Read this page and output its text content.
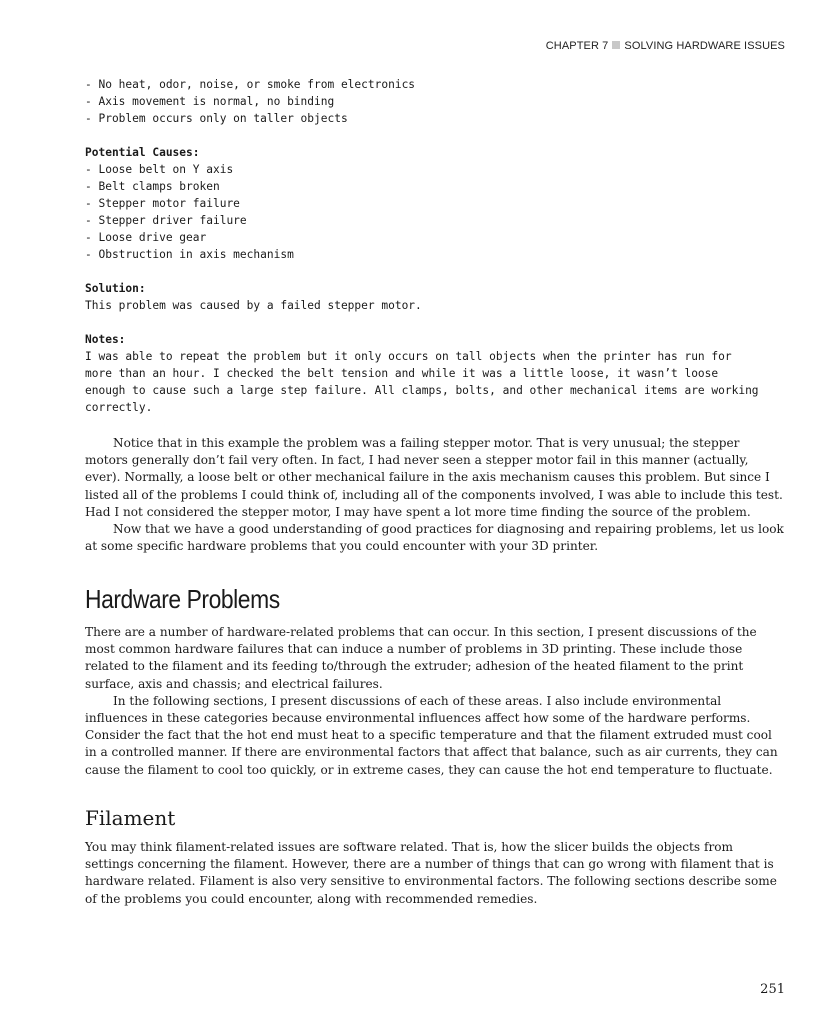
CHAPTER 7 SOLVING HARDWARE ISSUES
- No heat, odor, noise, or smoke from electronics
- Axis movement is normal, no binding
- Problem occurs only on taller objects
Potential Causes:
- Loose belt on Y axis
- Belt clamps broken
- Stepper motor failure
- Stepper driver failure
- Loose drive gear
- Obstruction in axis mechanism
Solution:
This problem was caused by a failed stepper motor.
Notes:
I was able to repeat the problem but it only occurs on tall objects when the printer has run for
more than an hour. I checked the belt tension and while it was a little loose, it wasn’t loose
enough to cause such a large step failure. All clamps, bolts, and other mechanical items are working
correctly.

Notice that in this example the problem was a failing stepper motor. That is very unusual; the stepper motors generally don’t fail very often. In fact, I had never seen a stepper motor fail in this manner (actually, ever). Normally, a loose belt or other mechanical failure in the axis mechanism causes this problem. But since I listed all of the problems I could think of, including all of the components involved, I was able to include this test. Had I not considered the stepper motor, I may have spent a lot more time finding the source of the problem.

Now that we have a good understanding of good practices for diagnosing and repairing problems, let us look at some specific hardware problems that you could encounter with your 3D printer.

Hardware Problems

There are a number of hardware-related problems that can occur. In this section, I present discussions of the most common hardware failures that can induce a number of problems in 3D printing. These include those related to the filament and its feeding to/through the extruder; adhesion of the heated filament to the print surface, axis and chassis; and electrical failures.

In the following sections, I present discussions of each of these areas. I also include environmental influences in these categories because environmental influences affect how some of the hardware performs. Consider the fact that the hot end must heat to a specific temperature and that the filament extruded must cool in a controlled manner. If there are environmental factors that affect that balance, such as air currents, they can cause the filament to cool too quickly, or in extreme cases, they can cause the hot end temperature to fluctuate.

Filament

You may think filament-related issues are software related. That is, how the slicer builds the objects from settings concerning the filament. However, there are a number of things that can go wrong with filament that is hardware related. Filament is also very sensitive to environmental factors. The following sections describe some of the problems you could encounter, along with recommended remedies.

251
